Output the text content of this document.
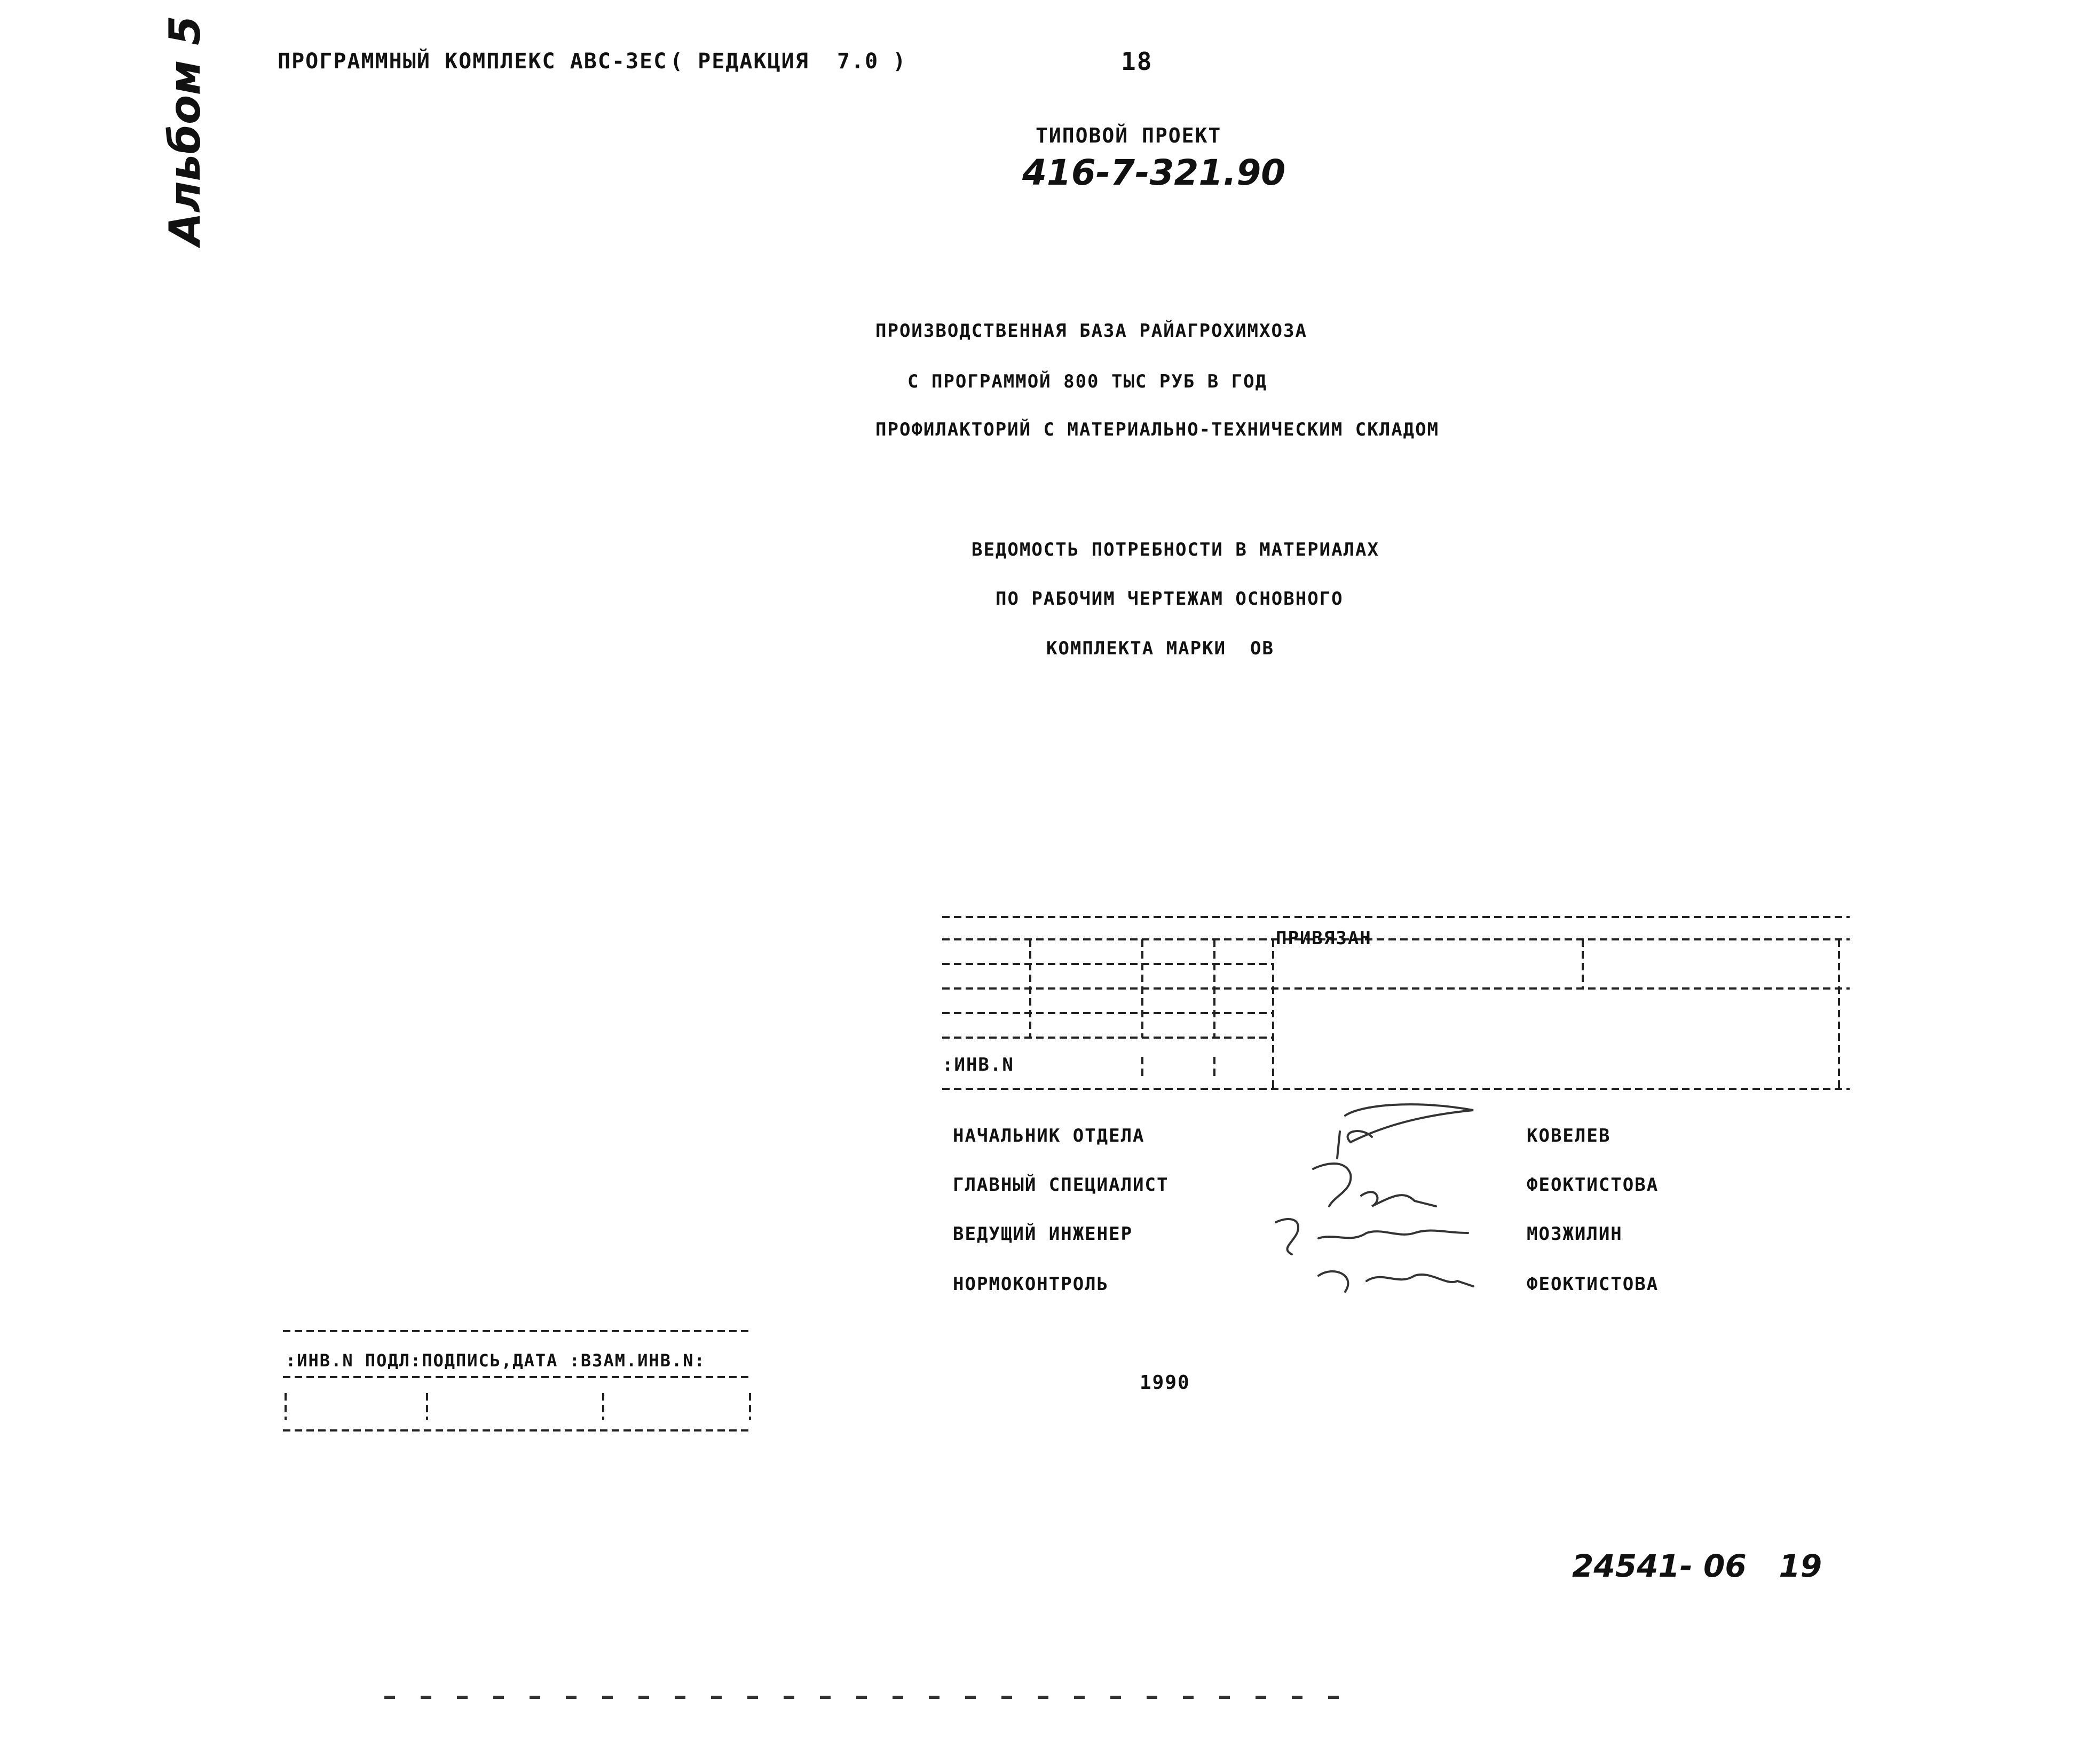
ПРОГРАММНЫЙ КОМПЛЕКС АВС-3ЕС ( РЕДАКЦИЯ  7.0 )	18
Альбом 5	ТИПОВОЙ ПРОЕКТ
416-7-321.90
ПРОИЗВОДСТВЕННАЯ БАЗА РАЙАГРОХИМХОЗА
С ПРОГРАММОЙ 800 ТЫС РУБ В ГОД
ПРОФИЛАКТОРИЙ С МАТЕРИАЛЬНО-ТЕХНИЧЕСКИМ СКЛАДОМ
ВЕДОМОСТЬ ПОТРЕБНОСТИ В МАТЕРИАЛАХ
ПО РАБОЧИМ ЧЕРТЕЖАМ ОСНОВНОГО
КОМПЛЕКТА МАРКИ  ОВ
ПРИВЯЗАН
:ИНВ.N
НАЧАЛЬНИК ОТДЕЛА	КОВЕЛЕВ
ГЛАВНЫЙ СПЕЦИАЛИСТ	ФЕОКТИСТОВА
ВЕДУЩИЙ ИНЖЕНЕР	МОЗЖИЛИН
НОРМОКОНТРОЛЬ	ФЕОКТИСТОВА
:ИНВ.N ПОДЛ:ПОДПИСЬ,ДАТА :ВЗАМ.ИНВ.N:
1990
24541- 06   19
